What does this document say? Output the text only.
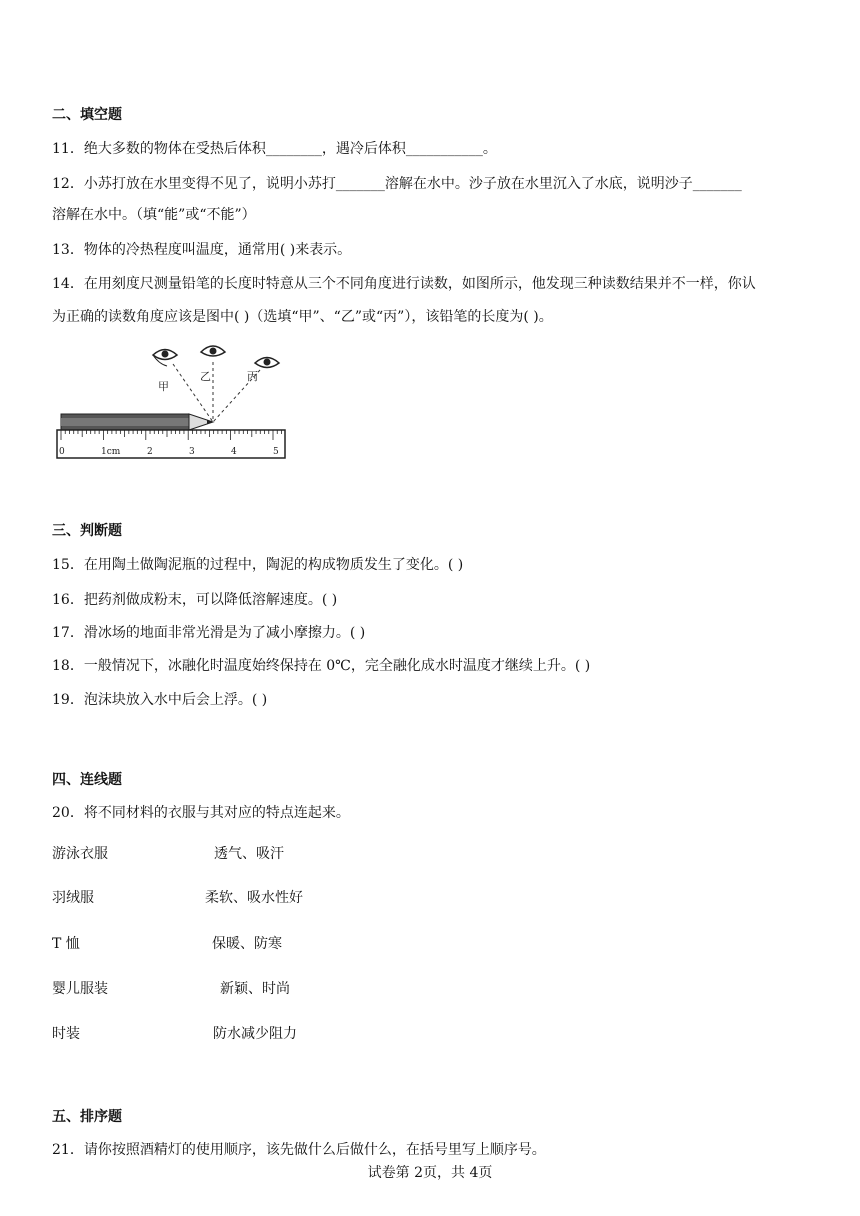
二、填空题
11．绝大多数的物体在受热后体积________，遇冷后体积___________。
12．小苏打放在水里变得不见了，说明小苏打_______溶解在水中。沙子放在水里沉入了水底，说明沙子_______
溶解在水中。（填“能”或“不能”）
13．物体的冷热程度叫温度，通常用( )来表示。
14．在用刻度尺测量铅笔的长度时特意从三个不同角度进行读数，如图所示，他发现三种读数结果并不一样，你认
为正确的读数角度应该是图中( )（选填“甲”、“乙”或“丙”），该铅笔的长度为( )。
甲
乙	丙
0	1cm	2	3	4	5
三、判断题
15．在用陶土做陶泥瓶的过程中，陶泥的构成物质发生了变化。( )
16．把药剂做成粉末，可以降低溶解速度。( )
17．滑冰场的地面非常光滑是为了减小摩擦力。( )
18．一般情况下，冰融化时温度始终保持在 0℃，完全融化成水时温度才继续上升。( )
19．泡沫块放入水中后会上浮。( )
四、连线题
20．将不同材料的衣服与其对应的特点连起来。
游泳衣服	透气、吸汗
羽绒服	柔软、吸水性好
T 恤	保暖、防寒
婴儿服装	新颖、时尚
时装	防水减少阻力
五、排序题
21．请你按照酒精灯的使用顺序，该先做什么后做什么，在括号里写上顺序号。
试卷第 2页，共 4页
